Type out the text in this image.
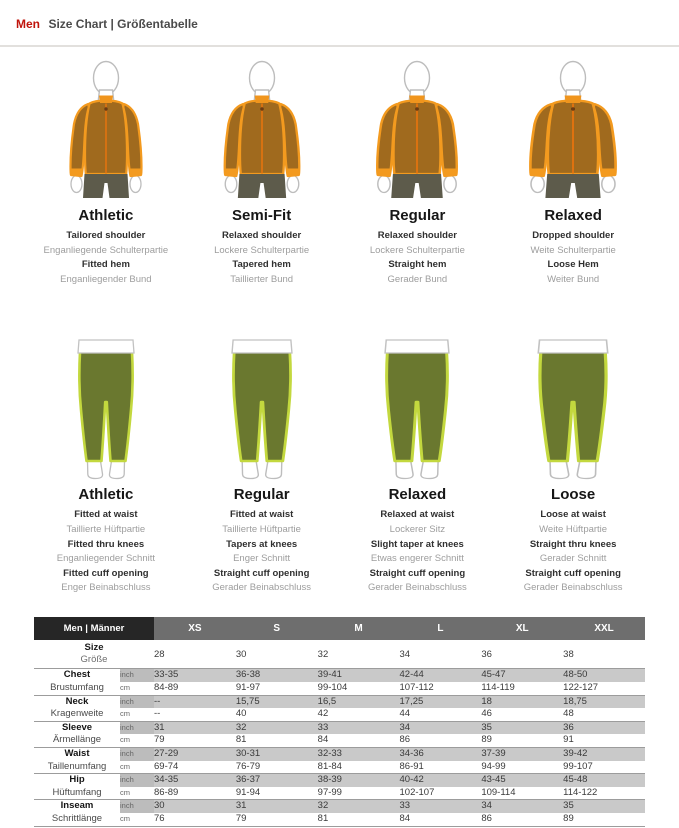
Men Size Chart | Größentabelle
Athletic
Tailored shoulder
Enganliegende Schulterpartie
Fitted hem
Enganliegender Bund
Semi-Fit
Relaxed shoulder
Lockere Schulterpartie
Tapered hem
Taillierter Bund
Regular
Relaxed shoulder
Lockere Schulterpartie
Straight hem
Gerader Bund
Relaxed
Dropped shoulder
Weite Schulterpartie
Loose Hem
Weiter Bund
Athletic
Fitted at waist
Taillierte Hüftpartie
Fitted thru knees
Enganliegender Schnitt
Fitted cuff opening
Enger Beinabschluss
Regular
Fitted at waist
Taillierte Hüftpartie
Tapers at knees
Enger Schnitt
Straight cuff opening
Gerader Beinabschluss
Relaxed
Relaxed at waist
Lockerer Sitz
Slight taper at knees
Etwas engerer Schnitt
Straight cuff opening
Gerader Beinabschluss
Loose
Loose at waist
Weite Hüftpartie
Straight thru knees
Gerader Schnitt
Straight cuff opening
Gerader Beinabschluss
Men | Männer		XS	S	M	L	XL	XXL

Size
Größe		28	30	32	34	36	38
Chest	inch	33-35	36-38	39-41	42-44	45-47	48-50
Brustumfang	cm	84-89	91-97	99-104	107-112	114-119	122-127
Neck	inch	--	15,75	16,5	17,25	18	18,75
Kragenweite	cm	--	40	42	44	46	48
Sleeve	inch	31	32	33	34	35	36
Ärmellänge	cm	79	81	84	86	89	91
Waist	inch	27-29	30-31	32-33	34-36	37-39	39-42
Taillenumfang	cm	69-74	76-79	81-84	86-91	94-99	99-107
Hip	inch	34-35	36-37	38-39	40-42	43-45	45-48
Hüftumfang	cm	86-89	91-94	97-99	102-107	109-114	114-122
Inseam	inch	30	31	32	33	34	35
Schrittlänge	cm	76	79	81	84	86	89
